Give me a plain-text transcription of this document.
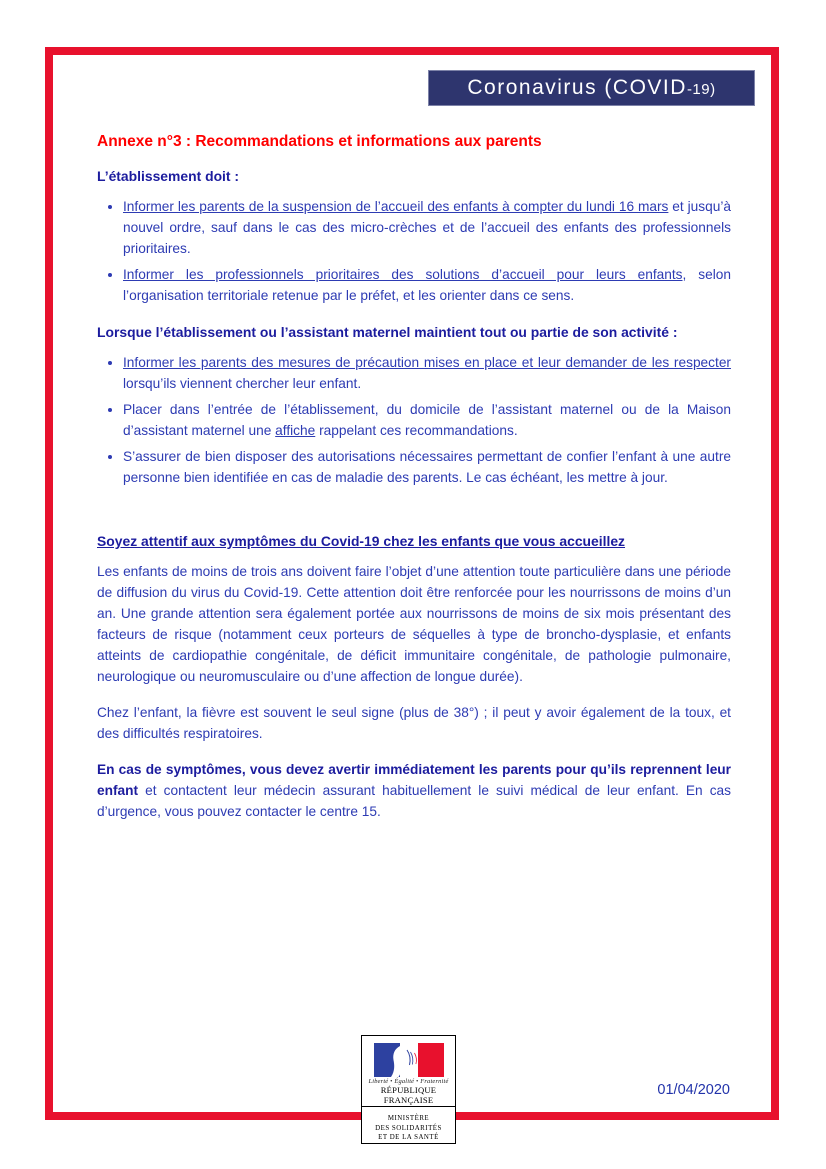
Coronavirus (COVID-19)
Annexe n°3 : Recommandations et informations aux parents
L’établissement doit :
• Informer les parents de la suspension de l’accueil des enfants à compter du lundi 16 mars et jusqu’à nouvel ordre, sauf dans le cas des micro-crèches et de l’accueil des enfants des professionnels prioritaires.
• Informer les professionnels prioritaires des solutions d’accueil pour leurs enfants, selon l’organisation territoriale retenue par le préfet, et les orienter dans ce sens.
Lorsque l’établissement ou l’assistant maternel maintient tout ou partie de son activité :
• Informer les parents des mesures de précaution mises en place et leur demander de les respecter lorsqu’ils viennent chercher leur enfant.
• Placer dans l’entrée de l’établissement, du domicile de l’assistant maternel ou de la Maison d’assistant maternel une affiche rappelant ces recommandations.
• S’assurer de bien disposer des autorisations nécessaires permettant de confier l’enfant à une autre personne bien identifiée en cas de maladie des parents. Le cas échéant, les mettre à jour.
Soyez attentif aux symptômes du Covid-19 chez les enfants que vous accueillez

Les enfants de moins de trois ans doivent faire l’objet d’une attention toute particulière dans une période de diffusion du virus du Covid-19. Cette attention doit être renforcée pour les nourrissons de moins d’un an. Une grande attention sera également portée aux nourrissons de moins de six mois présentant des facteurs de risque (notamment ceux porteurs de séquelles à type de broncho-dysplasie, et enfants atteints de cardiopathie congénitale, de déficit immunitaire congénitale, de pathologie pulmonaire, neurologique ou neuromusculaire ou d’une affection de longue durée).

Chez l’enfant, la fièvre est souvent le seul signe (plus de 38°) ; il peut y avoir également de la toux, et des difficultés respiratoires.

En cas de symptômes, vous devez avertir immédiatement les parents pour qu’ils reprennent leur enfant et contactent leur médecin assurant habituellement le suivi médical de leur enfant. En cas d’urgence, vous pouvez contacter le centre 15.

Liberté • Égalité • Fraternité
RÉPUBLIQUE FRANÇAISE
MINISTÈRE
DES SOLIDARITÉS
ET DE LA SANTÉ
01/04/2020
